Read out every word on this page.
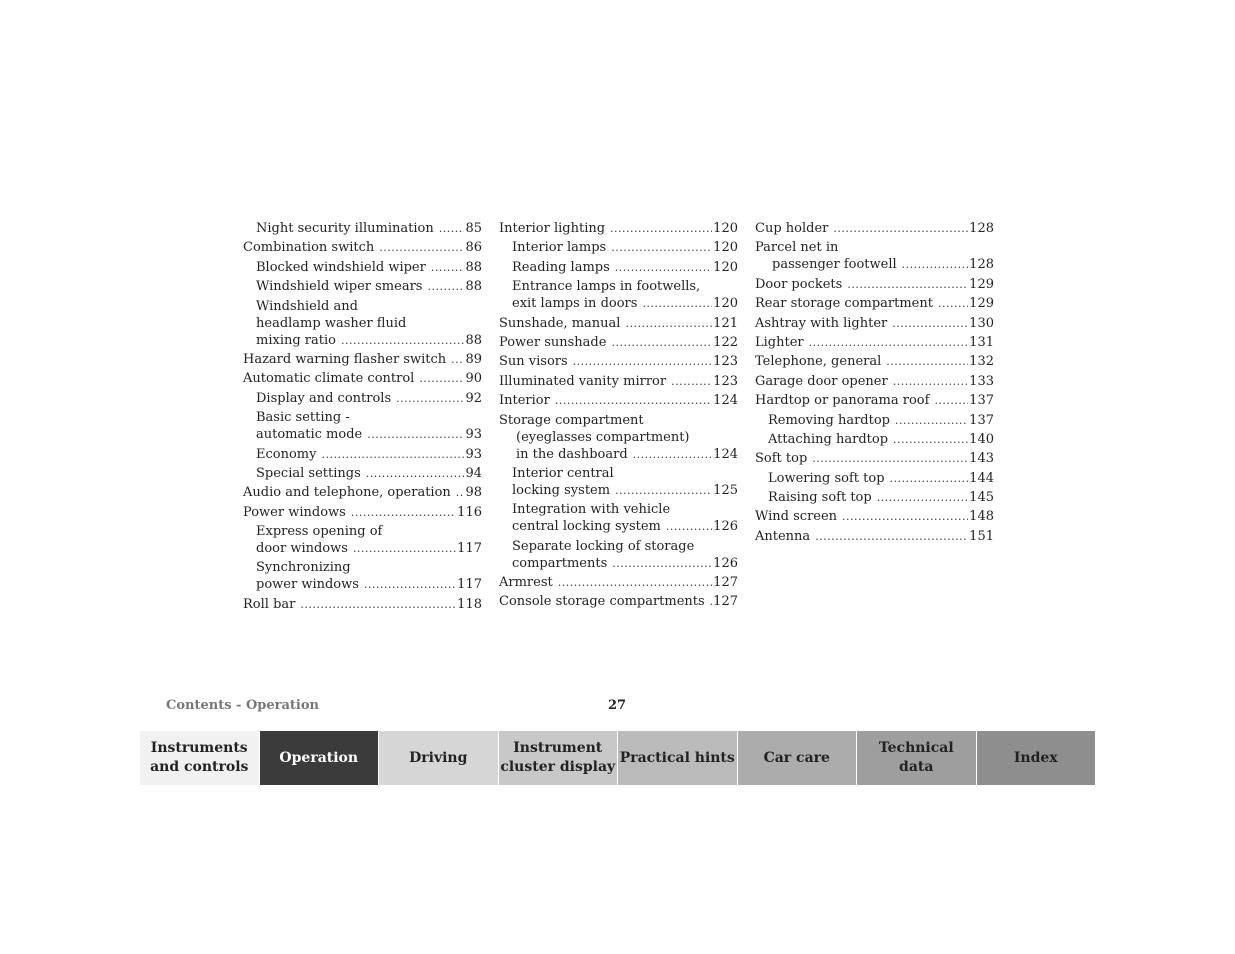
Night security illumination ..... 85
Combination switch .....	86
Blocked windshield wiper .....	88
Windshield wiper smears .....	88
Windshield and
headlamp washer fluid
mixing ratio .....	88
Hazard warning flasher switch ..... 89
Automatic climate control .....	90
Display and controls .....	92
Basic setting -
automatic mode .....	93
Economy .....	93
Special settings .....	94
Audio and telephone, operation ..... 98
Power windows .....	116
Express opening of
door windows .....	117
Synchronizing
power windows .....	117
Roll bar .....	118
Interior lighting .....	120
Interior lamps .....	120
Reading lamps .....	120
Entrance lamps in footwells,
exit lamps in doors .....	120
Sunshade, manual .....	121
Power sunshade .....	122
Sun visors .....	123
Illuminated vanity mirror .....	123
Interior .....	124
Storage compartment
(eyeglasses compartment)
in the dashboard .....	124
Interior central
locking system .....	125
Integration with vehicle
central locking system .....	126
Separate locking of storage
compartments .....	126
Armrest .....	127
Console storage compartments ..... 127
Cup holder .....	128
Parcel net in
passenger footwell .....	128
Door pockets .....	129
Rear storage compartment .....	129
Ashtray with lighter .....	130
Lighter .....	131
Telephone, general .....	132
Garage door opener .....	133
Hardtop or panorama roof .....	137
Removing hardtop .....	137
Attaching hardtop .....	140
Soft top .....	143
Lowering soft top .....	144
Raising soft top .....	145
Wind screen .....	148
Antenna .....	151
Contents - Operation	27
Instruments
and controls
Operation	Driving
Instrument
cluster display
Practical hints Car care
Technical
data
Index
